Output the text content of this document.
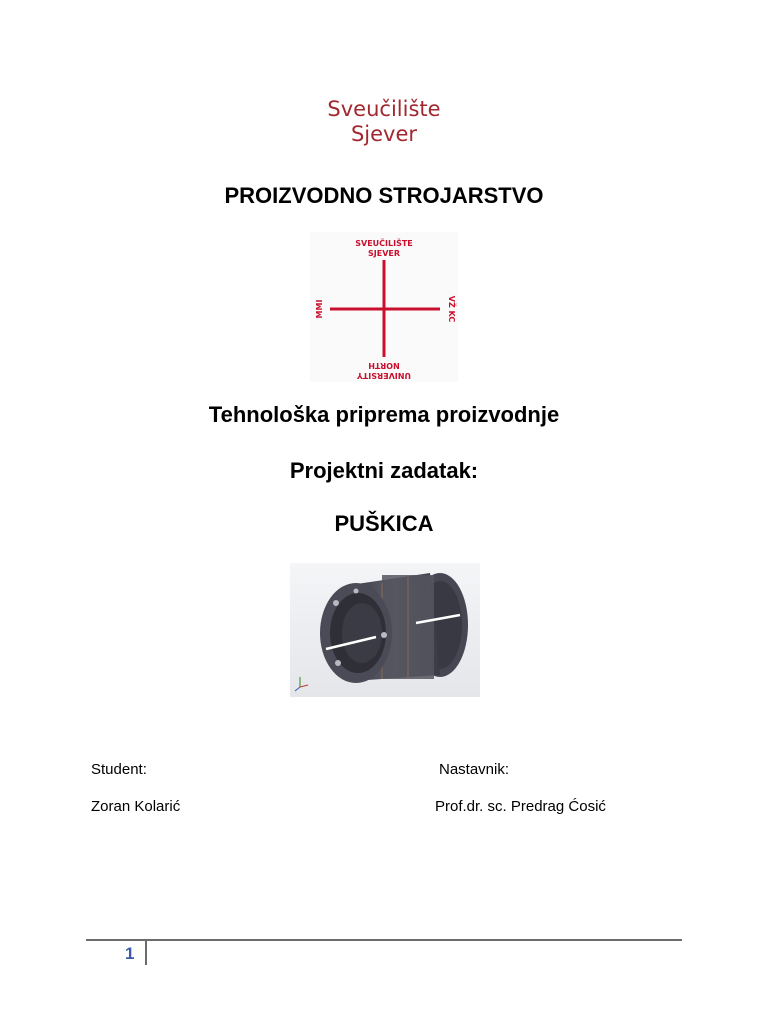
Sveučilište
Sjever
PROIZVODNO STROJARSTVO
SVEUČILIŠTE
SJEVER
MMI	VŽ KC
NORTH
UNIVERSITY
Tehnološka priprema proizvodnje
Projektni zadatak:
PUŠKICA
Student:
Zoran Kolarić
Nastavnik:
Prof.dr. sc. Predrag Ćosić
1
